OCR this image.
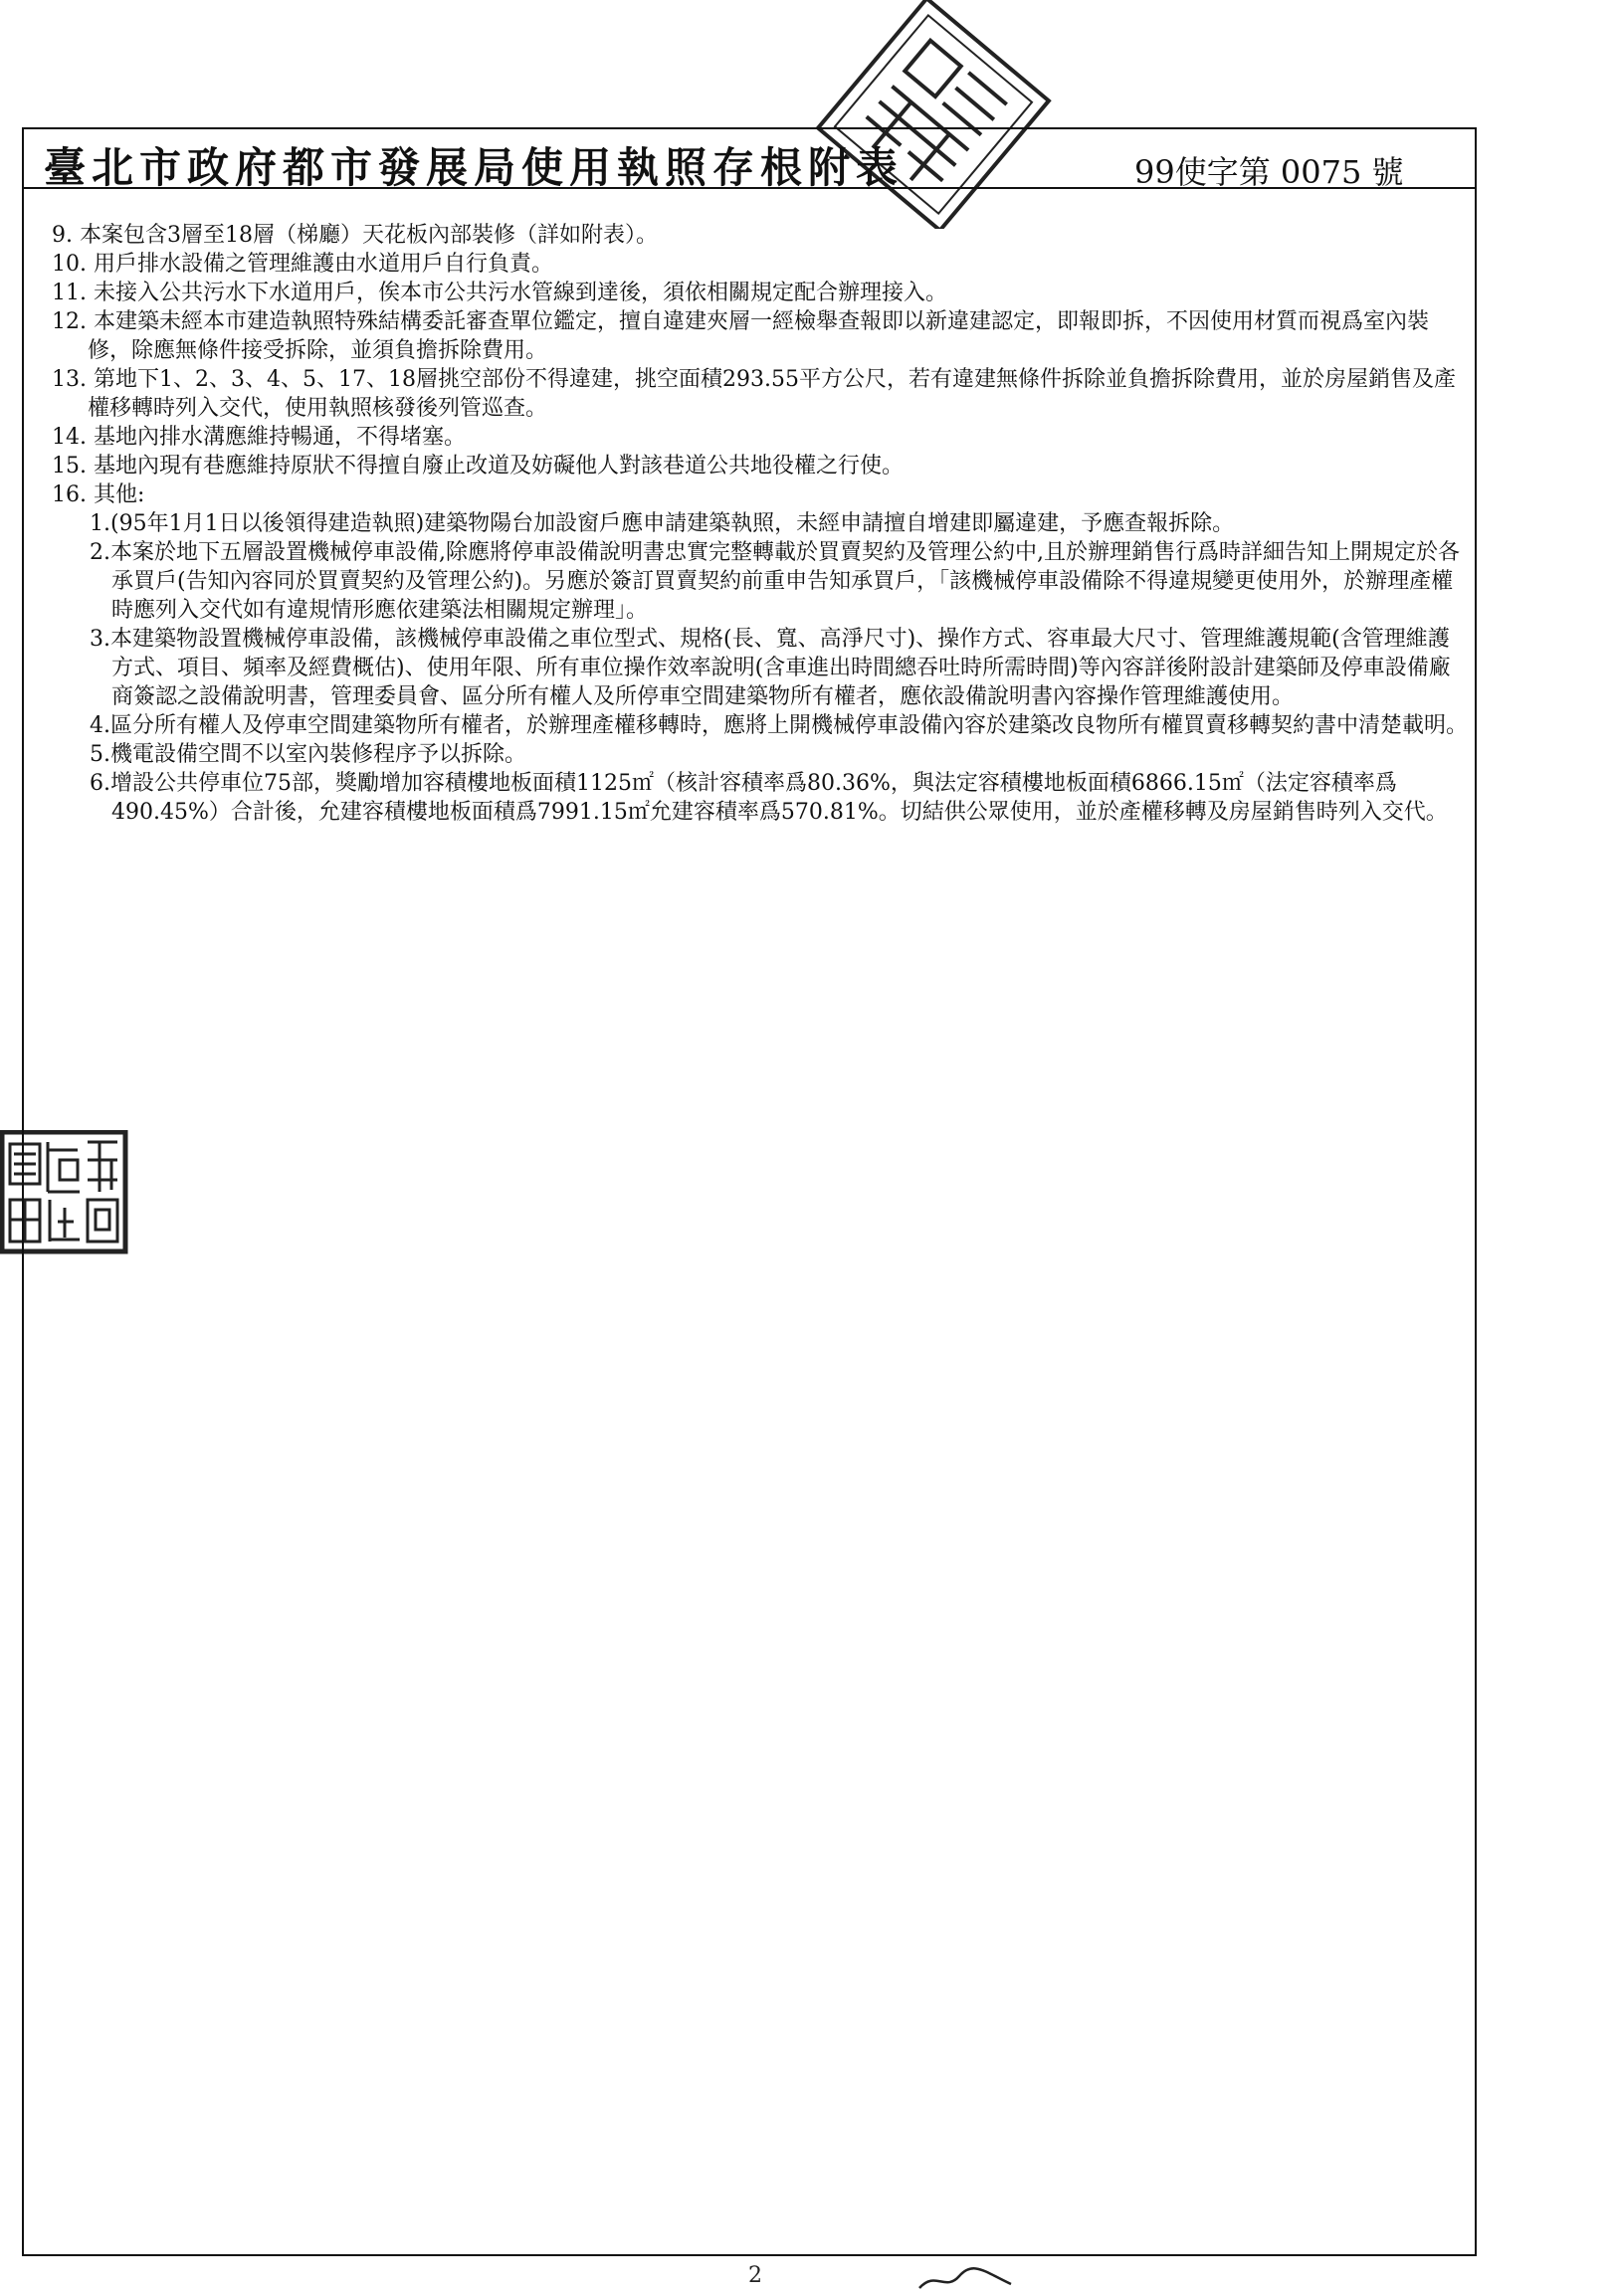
臺北市政府都市發展局使用執照存根附表	99使字第 0075 號

9. 本案包含3層至18層（梯廳）天花板內部裝修（詳如附表）。

10. 用戶排水設備之管理維護由水道用戶自行負責。

11. 未接入公共污水下水道用戶，俟本市公共污水管線到達後，須依相關規定配合辦理接入。

12. 本建築未經本市建造執照特殊結構委託審查單位鑑定，擅自違建夾層一經檢舉查報即以新違建認定，即報即拆，不因使用材質而視爲室內裝修，除應無條件接受拆除，並須負擔拆除費用。

13. 第地下1、2、3、4、5、17、18層挑空部份不得違建，挑空面積293.55平方公尺，若有違建無條件拆除並負擔拆除費用，並於房屋銷售及產權移轉時列入交代，使用執照核發後列管巡查。

14. 基地內排水溝應維持暢通，不得堵塞。

15. 基地內現有巷應維持原狀不得擅自廢止改道及妨礙他人對該巷道公共地役權之行使。

16. 其他:

1.(95年1月1日以後領得建造執照)建築物陽台加設窗戶應申請建築執照，未經申請擅自增建即屬違建，予應查報拆除。

2.本案於地下五層設置機械停車設備,除應將停車設備說明書忠實完整轉載於買賣契約及管理公約中,且於辦理銷售行爲時詳細告知上開規定於各承買戶(告知內容同於買賣契約及管理公約)。另應於簽訂買賣契約前重申告知承買戶，「該機械停車設備除不得違規變更使用外，於辦理產權時應列入交代如有違規情形應依建築法相關規定辦理」。

3.本建築物設置機械停車設備，該機械停車設備之車位型式、規格(長、寬、高淨尺寸)、操作方式、容車最大尺寸、管理維護規範(含管理維護方式、項目、頻率及經費概估)、使用年限、所有車位操作效率說明(含車進出時間總吞吐時所需時間)等內容詳後附設計建築師及停車設備廠商簽認之設備說明書，管理委員會、區分所有權人及所停車空間建築物所有權者，應依設備說明書內容操作管理維護使用。

4.區分所有權人及停車空間建築物所有權者，於辦理產權移轉時，應將上開機械停車設備內容於建築改良物所有權買賣移轉契約書中清楚載明。

5.機電設備空間不以室內裝修程序予以拆除。

6.增設公共停車位75部，獎勵增加容積樓地板面積1125㎡（核計容積率爲80.36%，與法定容積樓地板面積6866.15㎡（法定容積率爲490.45%）合計後，允建容積樓地板面積爲7991.15㎡允建容積率爲570.81%。切結供公眾使用，並於產權移轉及房屋銷售時列入交代。

2
